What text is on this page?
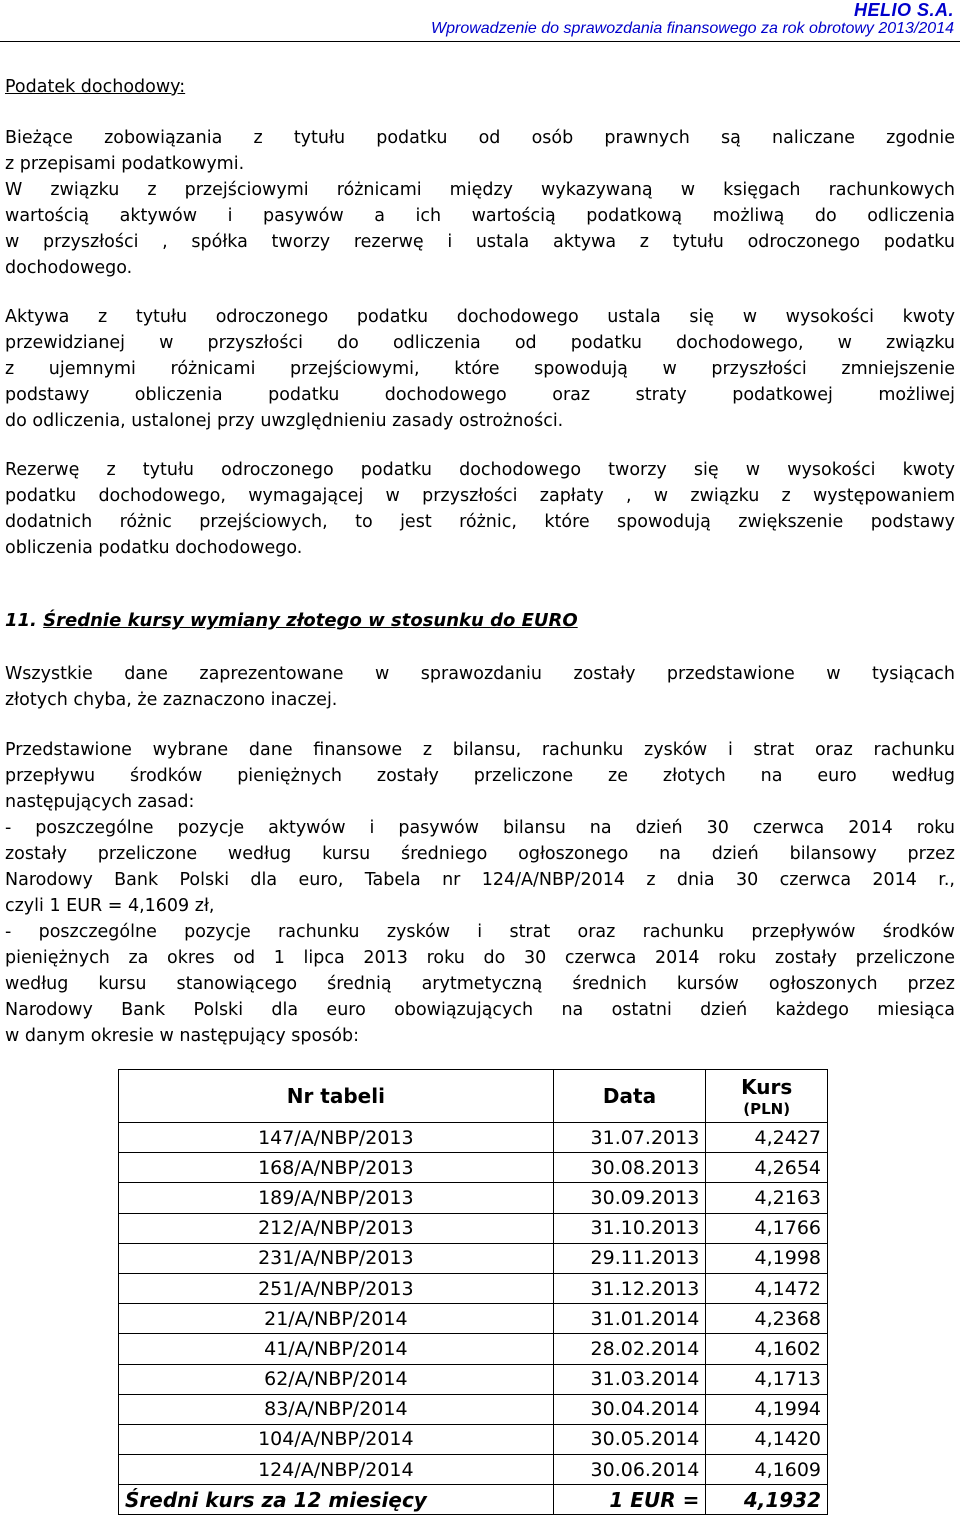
HELIO S.A.
Wprowadzenie do sprawozdania finansowego za rok obrotowy 2013/2014
Podatek dochodowy:
Bieżące zobowiązania z tytułu podatku od osób prawnych są naliczane zgodnie
z przepisami podatkowymi.
W związku z przejściowymi różnicami między wykazywaną w księgach rachunkowych
wartością aktywów i pasywów a ich wartością podatkową możliwą do odliczenia
w przyszłości , spółka tworzy rezerwę i ustala aktywa z tytułu odroczonego podatku
dochodowego.
Aktywa z tytułu odroczonego podatku dochodowego ustala się w wysokości kwoty
przewidzianej w przyszłości do odliczenia od podatku dochodowego, w związku
z ujemnymi różnicami przejściowymi, które spowodują w przyszłości zmniejszenie
podstawy obliczenia podatku dochodowego oraz straty podatkowej możliwej
do odliczenia, ustalonej przy uwzględnieniu zasady ostrożności.
Rezerwę z tytułu odroczonego podatku dochodowego tworzy się w wysokości kwoty
podatku dochodowego, wymagającej w przyszłości zapłaty , w związku z występowaniem
dodatnich różnic przejściowych, to jest różnic, które spowodują zwiększenie podstawy
obliczenia podatku dochodowego.
11. Średnie kursy wymiany złotego w stosunku do EURO
Wszystkie dane zaprezentowane w sprawozdaniu zostały przedstawione w tysiącach
złotych chyba, że zaznaczono inaczej.
Przedstawione wybrane dane finansowe z bilansu, rachunku zysków i strat oraz rachunku
przepływu środków pieniężnych zostały przeliczone ze złotych na euro według
następujących zasad:
- poszczególne pozycje aktywów i pasywów bilansu na dzień 30 czerwca 2014 roku
zostały przeliczone według kursu średniego ogłoszonego na dzień bilansowy przez
Narodowy Bank Polski dla euro, Tabela nr 124/A/NBP/2014 z dnia 30 czerwca 2014 r.,
czyli 1 EUR = 4,1609 zł,
- poszczególne pozycje rachunku zysków i strat oraz rachunku przepływów środków
pieniężnych za okres od 1 lipca 2013 roku do 30 czerwca 2014 roku zostały przeliczone
według kursu stanowiącego średnią arytmetyczną średnich kursów ogłoszonych przez
Narodowy Bank Polski dla euro obowiązujących na ostatni dzień każdego miesiąca
w danym okresie w następujący sposób:
Nr tabeli	Data	Kurs
(PLN)

147/A/NBP/2013	31.07.2013	4,2427
168/A/NBP/2013	30.08.2013	4,2654
189/A/NBP/2013	30.09.2013	4,2163
212/A/NBP/2013	31.10.2013	4,1766
231/A/NBP/2013	29.11.2013	4,1998
251/A/NBP/2013	31.12.2013	4,1472
21/A/NBP/2014	31.01.2014	4,2368
41/A/NBP/2014	28.02.2014	4,1602
62/A/NBP/2014	31.03.2014	4,1713
83/A/NBP/2014	30.04.2014	4,1994
104/A/NBP/2014	30.05.2014	4,1420
124/A/NBP/2014	30.06.2014	4,1609
Średni kurs za 12 miesięcy	1 EUR =	4,1932
